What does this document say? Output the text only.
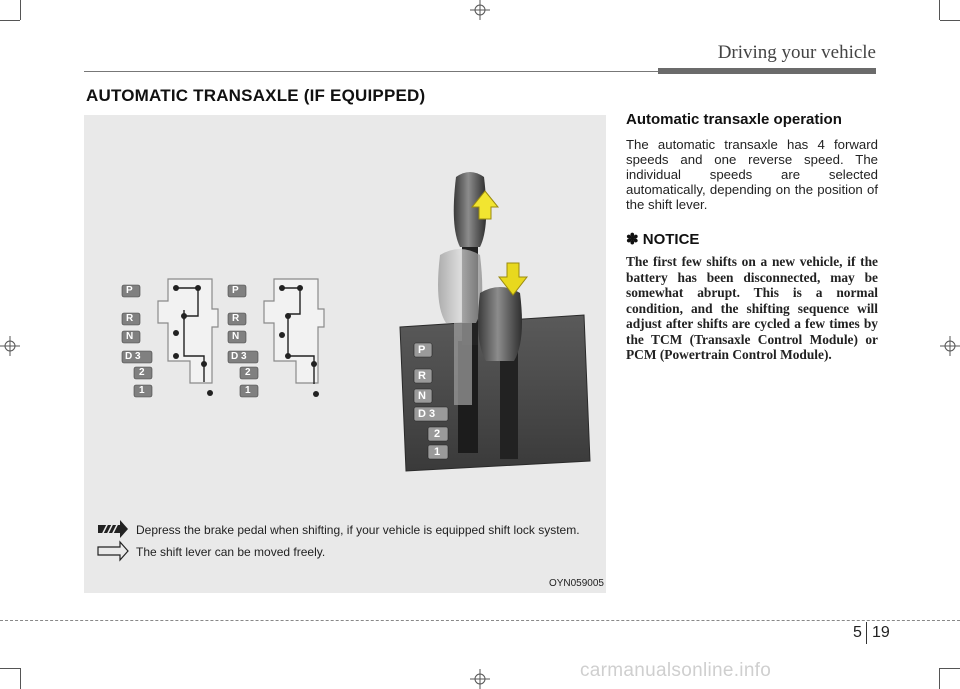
Driving your vehicle
AUTOMATIC TRANSAXLE (IF EQUIPPED)
P
R
N
D 3
2
1
P
R
N
D 3
2
1
P
R
N
D 3
2
1
Depress the brake pedal when shifting, if your vehicle is equipped shift lock system.
The shift lever can be moved freely.
OYN059005
Automatic transaxle operation

The automatic transaxle has 4 forward speeds and one reverse speed. The individual speeds are selected automatically, depending on the position of the shift lever.

✽ NOTICE

The first few shifts on a new vehicle, if the battery has been disconnected, may be somewhat abrupt. This is a normal condition, and the shifting sequence will adjust after shifts are cycled a few times by the TCM (Transaxle Control Module) or PCM (Powertrain Control Module).

5 19
carmanualsonline.info
